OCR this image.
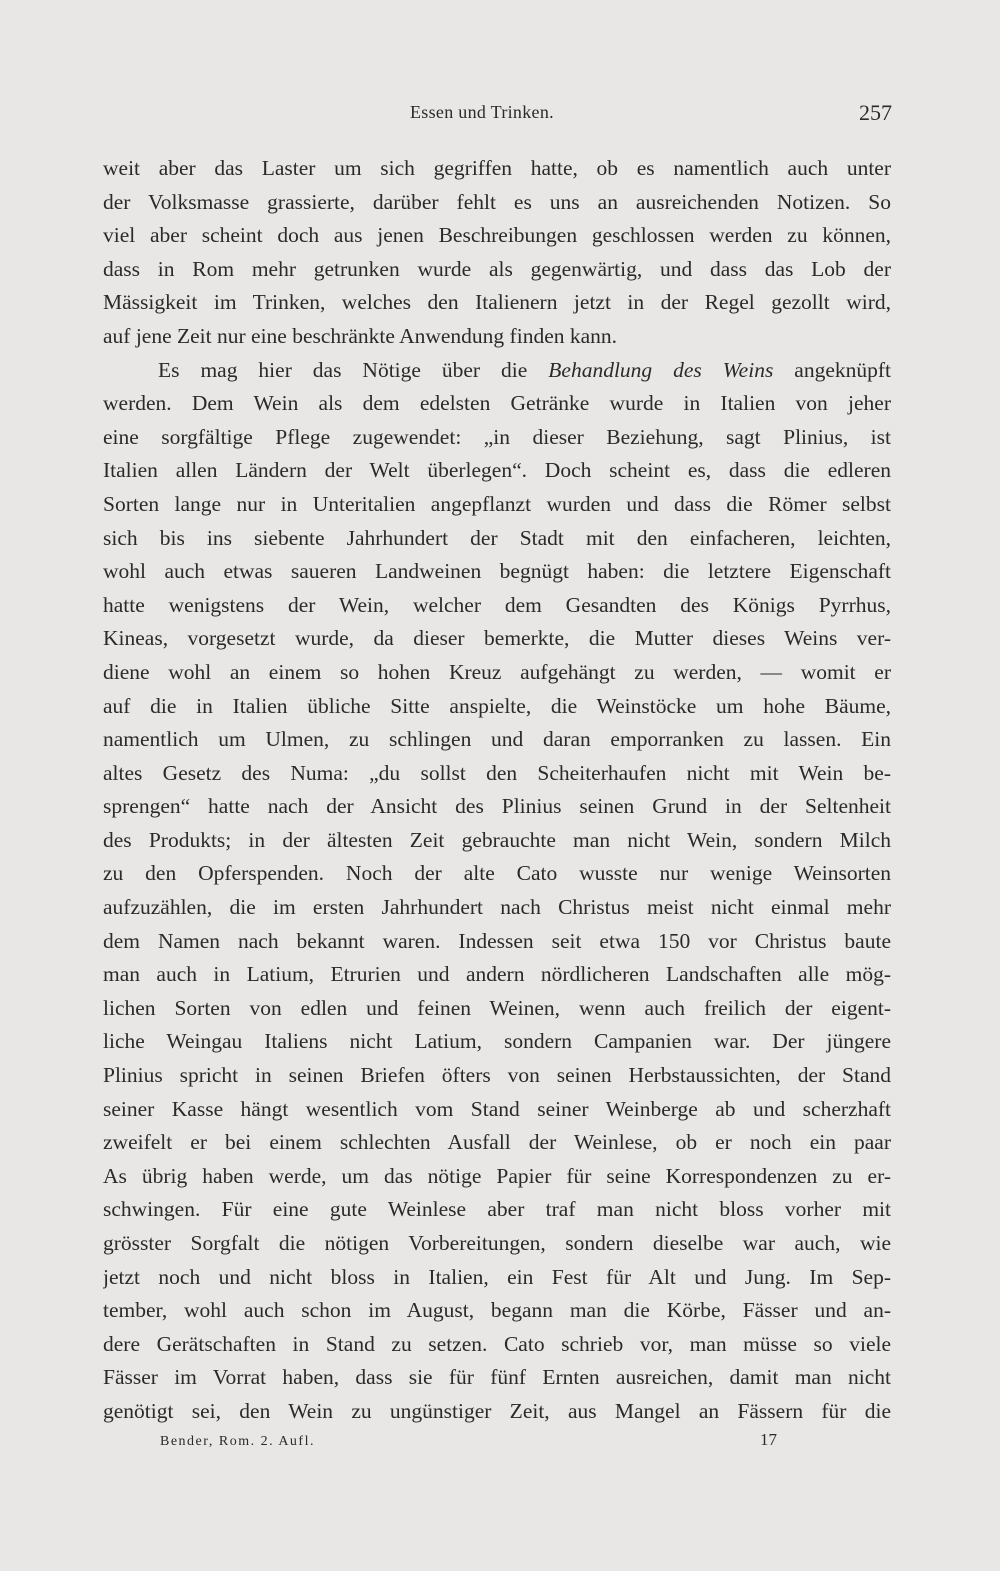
Essen und Trinken.	257
weit aber das Laster um sich gegriffen hatte, ob es namentlich auch unter
der Volksmasse grassierte, darüber fehlt es uns an ausreichenden Notizen. So
viel aber scheint doch aus jenen Beschreibungen geschlossen werden zu können,
dass in Rom mehr getrunken wurde als gegenwärtig, und dass das Lob der
Mässigkeit im Trinken, welches den Italienern jetzt in der Regel gezollt wird,
auf jene Zeit nur eine beschränkte Anwendung finden kann.
Es mag hier das Nötige über die Behandlung des Weins angeknüpft
werden. Dem Wein als dem edelsten Getränke wurde in Italien von jeher
eine sorgfältige Pflege zugewendet: „in dieser Beziehung, sagt Plinius, ist
Italien allen Ländern der Welt überlegen“. Doch scheint es, dass die edleren
Sorten lange nur in Unteritalien angepflanzt wurden und dass die Römer selbst
sich bis ins siebente Jahrhundert der Stadt mit den einfacheren, leichten,
wohl auch etwas saueren Landweinen begnügt haben: die letztere Eigenschaft
hatte wenigstens der Wein, welcher dem Gesandten des Königs Pyrrhus,
Kineas, vorgesetzt wurde, da dieser bemerkte, die Mutter dieses Weins ver-
diene wohl an einem so hohen Kreuz aufgehängt zu werden, — womit er
auf die in Italien übliche Sitte anspielte, die Weinstöcke um hohe Bäume,
namentlich um Ulmen, zu schlingen und daran emporranken zu lassen. Ein
altes Gesetz des Numa: „du sollst den Scheiterhaufen nicht mit Wein be-
sprengen“ hatte nach der Ansicht des Plinius seinen Grund in der Seltenheit
des Produkts; in der ältesten Zeit gebrauchte man nicht Wein, sondern Milch
zu den Opferspenden. Noch der alte Cato wusste nur wenige Weinsorten
aufzuzählen, die im ersten Jahrhundert nach Christus meist nicht einmal mehr
dem Namen nach bekannt waren. Indessen seit etwa 150 vor Christus baute
man auch in Latium, Etrurien und andern nördlicheren Landschaften alle mög-
lichen Sorten von edlen und feinen Weinen, wenn auch freilich der eigent-
liche Weingau Italiens nicht Latium, sondern Campanien war. Der jüngere
Plinius spricht in seinen Briefen öfters von seinen Herbstaussichten, der Stand
seiner Kasse hängt wesentlich vom Stand seiner Weinberge ab und scherzhaft
zweifelt er bei einem schlechten Ausfall der Weinlese, ob er noch ein paar
As übrig haben werde, um das nötige Papier für seine Korrespondenzen zu er-
schwingen. Für eine gute Weinlese aber traf man nicht bloss vorher mit
grösster Sorgfalt die nötigen Vorbereitungen, sondern dieselbe war auch, wie
jetzt noch und nicht bloss in Italien, ein Fest für Alt und Jung. Im Sep-
tember, wohl auch schon im August, begann man die Körbe, Fässer und an-
dere Gerätschaften in Stand zu setzen. Cato schrieb vor, man müsse so viele
Fässer im Vorrat haben, dass sie für fünf Ernten ausreichen, damit man nicht
genötigt sei, den Wein zu ungünstiger Zeit, aus Mangel an Fässern für die
Bender, Rom. 2. Aufl.	17
